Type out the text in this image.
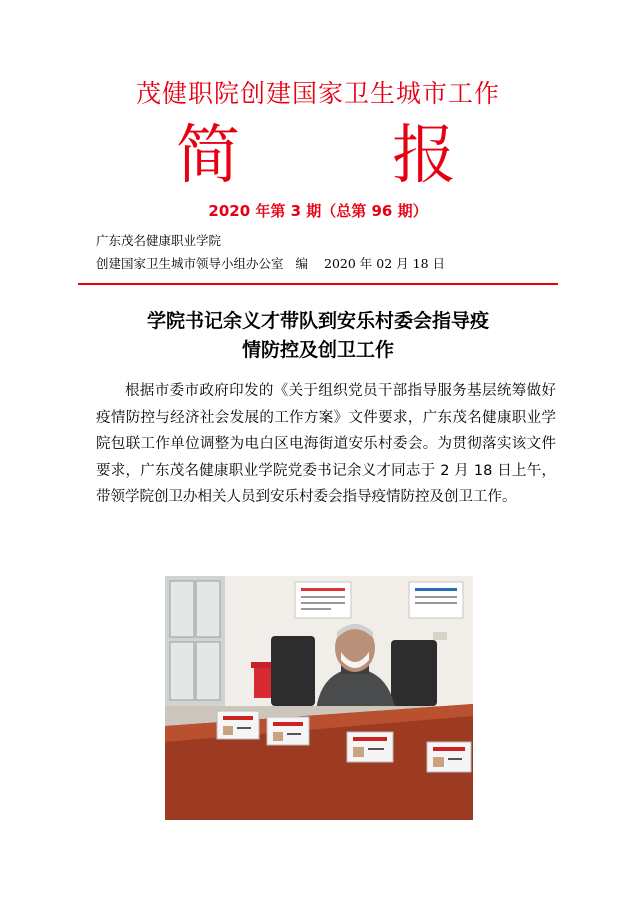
茂健职院创建国家卫生城市工作
简 报
2020 年第 3 期（总第 96 期）
广东茂名健康职业学院
创建国家卫生城市领导小组办公室 编 2020 年 02 月 18 日
学院书记余义才带队到安乐村委会指导疫
情防控及创卫工作
根据市委市政府印发的《关于组织党员干部指导服务基层统筹做好疫情防控与经济社会发展的工作方案》文件要求，广东茂名健康职业学院包联工作单位调整为电白区电海街道安乐村委会。为贯彻落实该文件要求，广东茂名健康职业学院党委书记余义才同志于 2 月 18 日上午，带领学院创卫办相关人员到安乐村委会指导疫情防控及创卫工作。
